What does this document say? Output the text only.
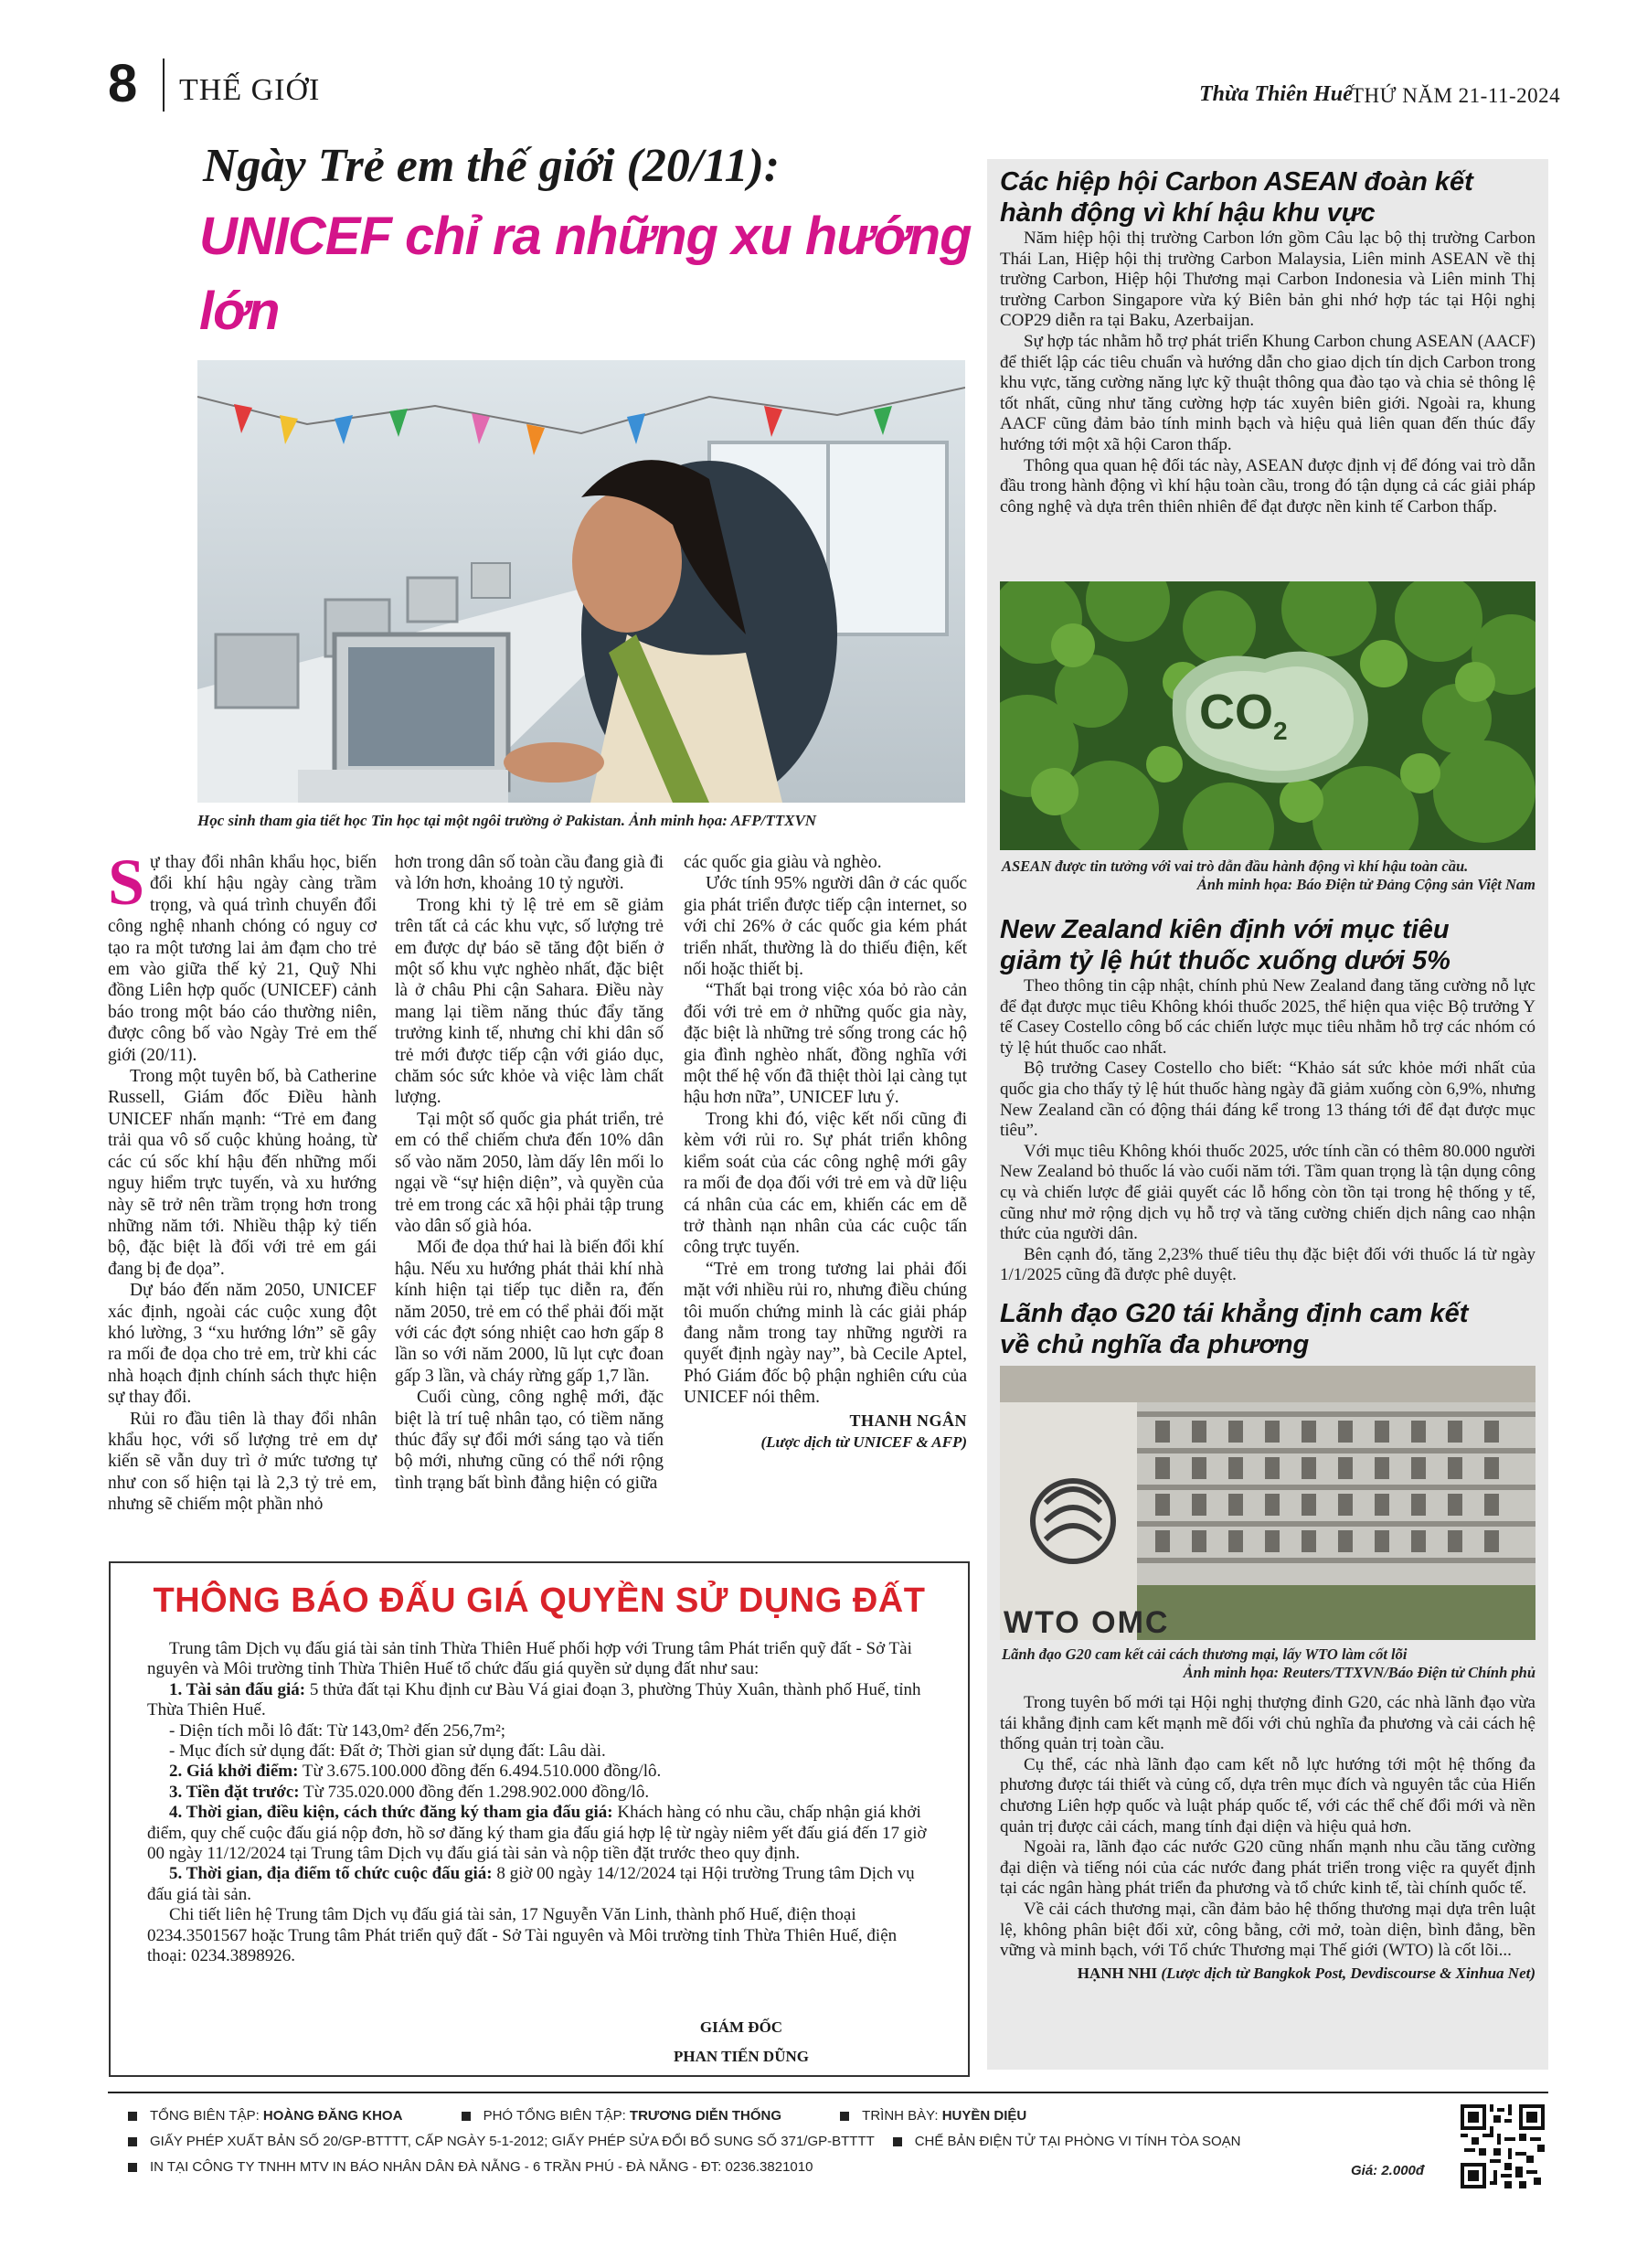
8 THẾ GIỚI	Thừa Thiên Huế
THỨ NĂM 21-11-2024
Ngày Trẻ em thế giới (20/11):
UNICEF chỉ ra những xu hướng lớn
Học sinh tham gia tiết học Tin học tại một ngôi trường ở Pakistan. Ảnh minh họa: AFP/TTXVN

Sự thay đổi nhân khẩu học, biến đổi khí hậu ngày càng trầm trọng, và quá trình chuyển đổi công nghệ nhanh chóng có nguy cơ tạo ra một tương lai ảm đạm cho trẻ em vào giữa thế kỷ 21, Quỹ Nhi đồng Liên hợp quốc (UNICEF) cảnh báo trong một báo cáo thường niên, được công bố vào Ngày Trẻ em thế giới (20/11).

Trong một tuyên bố, bà Catherine Russell, Giám đốc Điều hành UNICEF nhấn mạnh: “Trẻ em đang trải qua vô số cuộc khủng hoảng, từ các cú sốc khí hậu đến những mối nguy hiểm trực tuyến, và xu hướng này sẽ trở nên trầm trọng hơn trong những năm tới. Nhiều thập kỷ tiến bộ, đặc biệt là đối với trẻ em gái đang bị đe dọa”.

Dự báo đến năm 2050, UNICEF xác định, ngoài các cuộc xung đột khó lường, 3 “xu hướng lớn” sẽ gây ra mối đe dọa cho trẻ em, trừ khi các nhà hoạch định chính sách thực hiện sự thay đổi.

Rủi ro đầu tiên là thay đổi nhân khẩu học, với số lượng trẻ em dự kiến sẽ vẫn duy trì ở mức tương tự như con số hiện tại là 2,3 tỷ trẻ em, nhưng sẽ chiếm một phần nhỏ

hơn trong dân số toàn cầu đang già đi và lớn hơn, khoảng 10 tỷ người.

Trong khi tỷ lệ trẻ em sẽ giảm trên tất cả các khu vực, số lượng trẻ em được dự báo sẽ tăng đột biến ở một số khu vực nghèo nhất, đặc biệt là ở châu Phi cận Sahara. Điều này mang lại tiềm năng thúc đẩy tăng trưởng kinh tế, nhưng chỉ khi dân số trẻ mới được tiếp cận với giáo dục, chăm sóc sức khỏe và việc làm chất lượng.

Tại một số quốc gia phát triển, trẻ em có thể chiếm chưa đến 10% dân số vào năm 2050, làm dấy lên mối lo ngại về “sự hiện diện”, và quyền của trẻ em trong các xã hội phải tập trung vào dân số già hóa.

Mối đe dọa thứ hai là biến đổi khí hậu. Nếu xu hướng phát thải khí nhà kính hiện tại tiếp tục diễn ra, đến năm 2050, trẻ em có thể phải đối mặt với các đợt sóng nhiệt cao hơn gấp 8 lần so với năm 2000, lũ lụt cực đoan gấp 3 lần, và cháy rừng gấp 1,7 lần.

Cuối cùng, công nghệ mới, đặc biệt là trí tuệ nhân tạo, có tiềm năng thúc đẩy sự đổi mới sáng tạo và tiến bộ mới, nhưng cũng có thể nới rộng tình trạng bất bình đẳng hiện có giữa

các quốc gia giàu và nghèo.

Ước tính 95% người dân ở các quốc gia phát triển được tiếp cận internet, so với chỉ 26% ở các quốc gia kém phát triển nhất, thường là do thiếu điện, kết nối hoặc thiết bị.

“Thất bại trong việc xóa bỏ rào cản đối với trẻ em ở những quốc gia này, đặc biệt là những trẻ sống trong các hộ gia đình nghèo nhất, đồng nghĩa với một thế hệ vốn đã thiệt thòi lại càng tụt hậu hơn nữa”, UNICEF lưu ý.

Trong khi đó, việc kết nối cũng đi kèm với rủi ro. Sự phát triển không kiểm soát của các công nghệ mới gây ra mối đe dọa đối với trẻ em và dữ liệu cá nhân của các em, khiến các em dễ trở thành nạn nhân của các cuộc tấn công trực tuyến.

“Trẻ em trong tương lai phải đối mặt với nhiều rủi ro, nhưng điều chúng tôi muốn chứng minh là các giải pháp đang nằm trong tay những người ra quyết định ngày nay”, bà Cecile Aptel, Phó Giám đốc bộ phận nghiên cứu của UNICEF nói thêm.

THANH NGÂN
(Lược dịch từ UNICEF & AFP)
Các hiệp hội Carbon ASEAN đoàn kết
hành động vì khí hậu khu vực

Năm hiệp hội thị trường Carbon lớn gồm Câu lạc bộ thị trường Carbon Thái Lan, Hiệp hội thị trường Carbon Malaysia, Liên minh ASEAN về thị trường Carbon, Hiệp hội Thương mại Carbon Indonesia và Liên minh Thị trường Carbon Singapore vừa ký Biên bản ghi nhớ hợp tác tại Hội nghị COP29 diễn ra tại Baku, Azerbaijan.

Sự hợp tác nhằm hỗ trợ phát triển Khung Carbon chung ASEAN (AACF) để thiết lập các tiêu chuẩn và hướng dẫn cho giao dịch tín dịch Carbon trong khu vực, tăng cường năng lực kỹ thuật thông qua đào tạo và chia sẻ thông lệ tốt nhất, cũng như tăng cường hợp tác xuyên biên giới. Ngoài ra, khung AACF cũng đảm bảo tính minh bạch và hiệu quả liên quan đến thúc đẩy hướng tới một xã hội Caron thấp.

Thông qua quan hệ đối tác này, ASEAN được định vị để đóng vai trò dẫn đầu trong hành động vì khí hậu toàn cầu, trong đó tận dụng cả các giải pháp công nghệ và dựa trên thiên nhiên để đạt được nền kinh tế Carbon thấp.

$CO_2$
ASEAN được tin tưởng với vai trò dẫn đầu hành động vì khí hậu toàn cầu.
Ảnh minh họa: Báo Điện tử Đảng Cộng sản Việt Nam
New Zealand kiên định với mục tiêu
giảm tỷ lệ hút thuốc xuống dưới 5%

Theo thông tin cập nhật, chính phủ New Zealand đang tăng cường nỗ lực để đạt được mục tiêu Không khói thuốc 2025, thể hiện qua việc Bộ trưởng Y tế Casey Costello công bố các chiến lược mục tiêu nhằm hỗ trợ các nhóm có tỷ lệ hút thuốc cao nhất.

Bộ trưởng Casey Costello cho biết: “Khảo sát sức khỏe mới nhất của quốc gia cho thấy tỷ lệ hút thuốc hàng ngày đã giảm xuống còn 6,9%, nhưng New Zealand cần có động thái đáng kể trong 13 tháng tới để đạt được mục tiêu”.

Với mục tiêu Không khói thuốc 2025, ước tính cần có thêm 80.000 người New Zealand bỏ thuốc lá vào cuối năm tới. Tầm quan trọng là tận dụng công cụ và chiến lược để giải quyết các lỗ hổng còn tồn tại trong hệ thống y tế, cũng như mở rộng dịch vụ hỗ trợ và tăng cường chiến dịch nâng cao nhận thức của người dân.

Bên cạnh đó, tăng 2,23% thuế tiêu thụ đặc biệt đối với thuốc lá từ ngày 1/1/2025 cũng đã được phê duyệt.

Lãnh đạo G20 tái khẳng định cam kết
về chủ nghĩa đa phương
WTO OMC
Lãnh đạo G20 cam kết cải cách thương mại, lấy WTO làm cốt lõi
Ảnh minh họa: Reuters/TTXVN/Báo Điện tử Chính phủ

Trong tuyên bố mới tại Hội nghị thượng đỉnh G20, các nhà lãnh đạo vừa tái khẳng định cam kết mạnh mẽ đối với chủ nghĩa đa phương và cải cách hệ thống quản trị toàn cầu.

Cụ thể, các nhà lãnh đạo cam kết nỗ lực hướng tới một hệ thống đa phương được tái thiết và củng cố, dựa trên mục đích và nguyên tắc của Hiến chương Liên hợp quốc và luật pháp quốc tế, với các thể chế đổi mới và nền quản trị được cải cách, mang tính đại diện và hiệu quả hơn.

Ngoài ra, lãnh đạo các nước G20 cũng nhấn mạnh nhu cầu tăng cường đại diện và tiếng nói của các nước đang phát triển trong việc ra quyết định tại các ngân hàng phát triển đa phương và tổ chức kinh tế, tài chính quốc tế.

Về cải cách thương mại, cần đảm bảo hệ thống thương mại dựa trên luật lệ, không phân biệt đối xử, công bằng, cởi mở, toàn diện, bình đẳng, bền vững và minh bạch, với Tổ chức Thương mại Thế giới (WTO) là cốt lõi...

HẠNH NHI (Lược dịch từ Bangkok Post, Devdiscourse & Xinhua Net)
THÔNG BÁO ĐẤU GIÁ QUYỀN SỬ DỤNG ĐẤT

Trung tâm Dịch vụ đấu giá tài sản tỉnh Thừa Thiên Huế phối hợp với Trung tâm Phát triển quỹ đất - Sở Tài nguyên và Môi trường tỉnh Thừa Thiên Huế tổ chức đấu giá quyền sử dụng đất như sau:

1. Tài sản đấu giá: 5 thửa đất tại Khu định cư Bàu Vá giai đoạn 3, phường Thủy Xuân, thành phố Huế, tỉnh Thừa Thiên Huế.

- Diện tích mỗi lô đất: Từ 143,0m² đến 256,7m²;

- Mục đích sử dụng đất: Đất ở; Thời gian sử dụng đất: Lâu dài.

2. Giá khởi điểm: Từ 3.675.100.000 đồng đến 6.494.510.000 đồng/lô.

3. Tiền đặt trước: Từ 735.020.000 đồng đến 1.298.902.000 đồng/lô.

4. Thời gian, điều kiện, cách thức đăng ký tham gia đấu giá: Khách hàng có nhu cầu, chấp nhận giá khởi điểm, quy chế cuộc đấu giá nộp đơn, hồ sơ đăng ký tham gia đấu giá hợp lệ từ ngày niêm yết đấu giá đến 17 giờ 00 ngày 11/12/2024 tại Trung tâm Dịch vụ đấu giá tài sản và nộp tiền đặt trước theo quy định.

5. Thời gian, địa điểm tổ chức cuộc đấu giá: 8 giờ 00 ngày 14/12/2024 tại Hội trường Trung tâm Dịch vụ đấu giá tài sản.

Chi tiết liên hệ Trung tâm Dịch vụ đấu giá tài sản, 17 Nguyễn Văn Linh, thành phố Huế, điện thoại 0234.3501567 hoặc Trung tâm Phát triển quỹ đất - Sở Tài nguyên và Môi trường tỉnh Thừa Thiên Huế, điện thoại: 0234.3898926.

GIÁM ĐỐC
PHAN TIẾN DŨNG
TỔNG BIÊN TẬP: HOÀNG ĐĂNG KHOA	PHÓ TỔNG BIÊN TẬP: TRƯƠNG DIỄN THỐNG	TRÌNH BÀY: HUYỀN DIỆU
GIẤY PHÉP XUẤT BẢN SỐ 20/GP-BTTTT, CẤP NGÀY 5-1-2012; GIẤY PHÉP SỬA ĐỔI BỔ SUNG SỐ 371/GP-BTTTT	CHẾ BẢN ĐIỆN TỬ TẠI PHÒNG VI TÍNH TÒA SOẠN
IN TẠI CÔNG TY TNHH MTV IN BÁO NHÂN DÂN ĐÀ NẴNG - 6 TRẦN PHÚ - ĐÀ NẴNG - ĐT: 0236.3821010	Giá: 2.000đ
